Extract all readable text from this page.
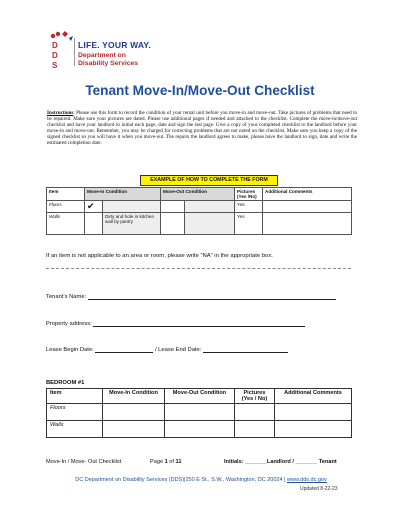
D
D
S
LIFE. YOUR WAY.
Department on
Disability Services
Tenant Move-In/Move-Out Checklist
Instructions: Please use this form to record the condition of your rental unit before you move-in and move-out. Take pictures of problems that need to be repaired. Make sure your pictures are dated. Please use additional pages if needed and attached to the checklist. Complete the move-in/move-out checklist and have your landlord to initial each page, date and sign the last page. Give a copy of your completed checklist to the landlord before your move-in and move-out. Remember, you may be charged for correcting problems that are not noted on the checklist. Make sure you keep a copy of the signed checklist so you will have it when you move-out. The repairs the landlord agrees to make, please have the landlord to sign, date and write the estimated completion date.
EXAMPLE OF HOW TO COMPLETE THE FORM
Item	Move-In Condition		Move-Out Condition		Pictures (Yes /No)	Additional Comments
Floors	✔				Yes	
Walls		Dirty and hole in kitchen wall by pantry			Yes	
If an item is not applicable to an area or room, please write “NA” in the appropriate box.
Tenant’s Name:
Property address:
Lease Begin Date:	/ Lease End Date:
BEDROOM #1
Item	Move-In Condition	Move-Out Condition	Pictures (Yes / No)	Additional Comments
Floors				
Walls				
Move-In / Move- Out Checklist	Page 1 of 11	Initials: _______Landlord / _______ Tenant
DC Department on Disability Services (DDS)|250 E St., S.W., Washington, DC 20024 | www.dds.dc.gov
Updated 8-22-23
